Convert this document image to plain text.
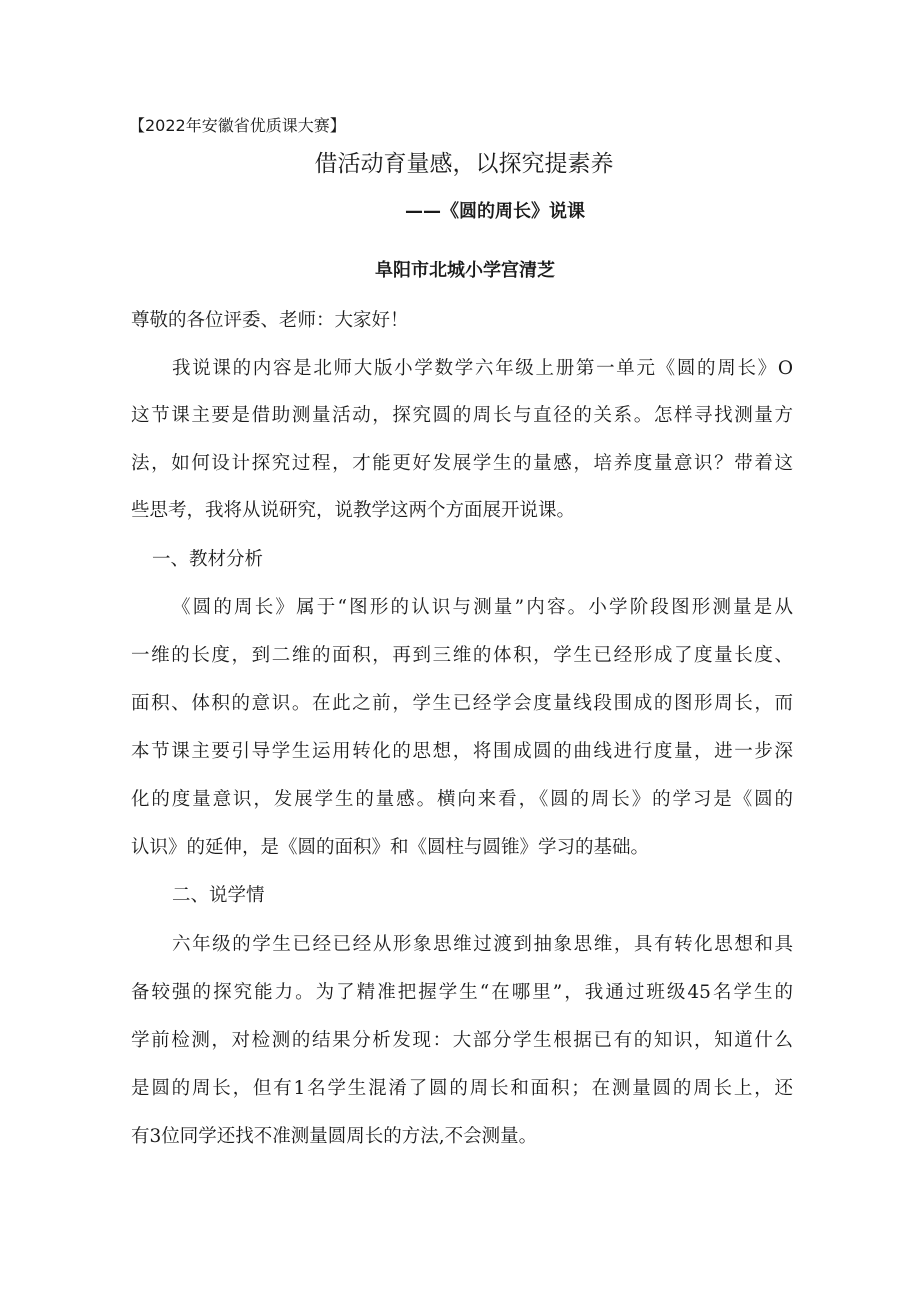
【2022年安徽省优质课大赛】
借活动育量感，以探究提素养
——《圆的周长》说课
阜阳市北城小学宫清芝
尊敬的各位评委、老师：大家好！
我说课的内容是北师大版小学数学六年级上册第一单元《圆的周长》O
这节课主要是借助测量活动，探究圆的周长与直径的关系。怎样寻找测量方
法，如何设计探究过程，才能更好发展学生的量感，培养度量意识？带着这
些思考，我将从说研究，说教学这两个方面展开说课。
一、教材分析
《圆的周长》属于“图形的认识与测量”内容。小学阶段图形测量是从
一维的长度，到二维的面积，再到三维的体积，学生已经形成了度量长度、
面积、体积的意识。在此之前，学生已经学会度量线段围成的图形周长，而
本节课主要引导学生运用转化的思想，将围成圆的曲线进行度量，进一步深
化的度量意识，发展学生的量感。横向来看，《圆的周长》的学习是《圆的
认识》的延伸，是《圆的面积》和《圆柱与圆锥》学习的基础。
二、说学情
六年级的学生已经已经从形象思维过渡到抽象思维，具有转化思想和具
备较强的探究能力。为了精准把握学生“在哪里”，我通过班级45名学生的
学前检测，对检测的结果分析发现：大部分学生根据已有的知识，知道什么
是圆的周长，但有1名学生混淆了圆的周长和面积；在测量圆的周长上，还
有3位同学还找不准测量圆周长的方法,不会测量。
